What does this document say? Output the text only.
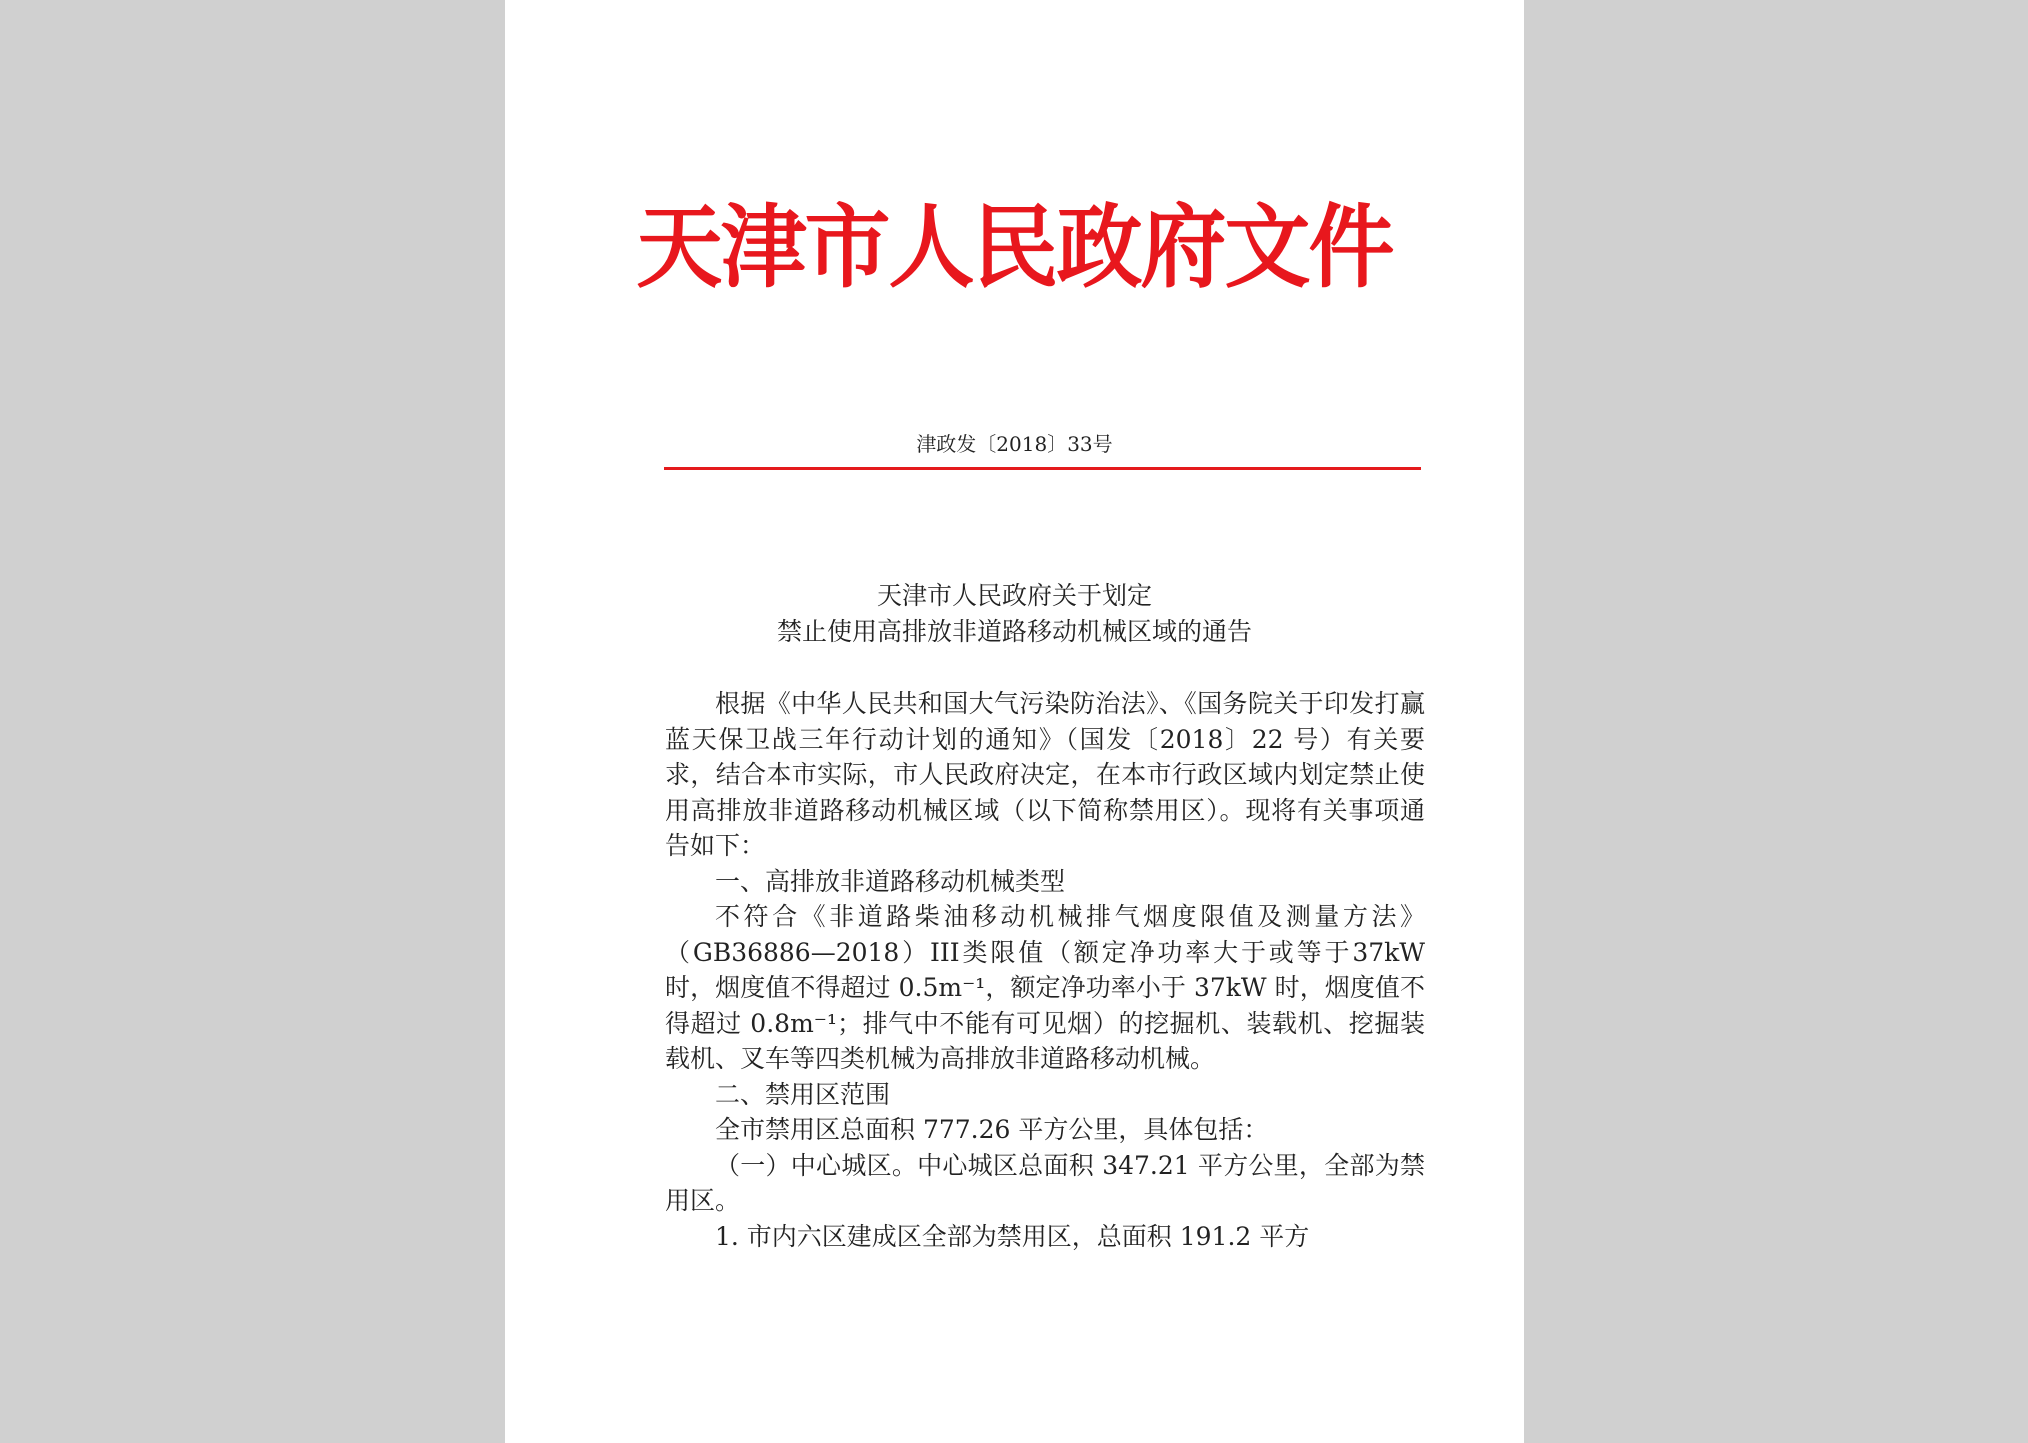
天津市人民政府文件
津政发〔2018〕33号
天津市人民政府关于划定
禁止使用高排放非道路移动机械区域的通告

根据《中华人民共和国大气污染防治法》、《国务院关于印发打赢蓝天保卫战三年行动计划的通知》（国发〔2018〕22 号）有关要求，结合本市实际，市人民政府决定，在本市行政区域内划定禁止使用高排放非道路移动机械区域（以下简称禁用区）。现将有关事项通告如下：

一、高排放非道路移动机械类型

不符合《非道路柴油移动机械排气烟度限值及测量方法》（GB36886—2018）III类限值（额定净功率大于或等于37kW 时，烟度值不得超过 0.5m⁻¹，额定净功率小于 37kW 时，烟度值不得超过 0.8m⁻¹；排气中不能有可见烟）的挖掘机、装载机、挖掘装载机、叉车等四类机械为高排放非道路移动机械。

二、禁用区范围

全市禁用区总面积 777.26 平方公里，具体包括：

（一）中心城区。中心城区总面积 347.21 平方公里，全部为禁用区。

1. 市内六区建成区全部为禁用区，总面积 191.2 平方
